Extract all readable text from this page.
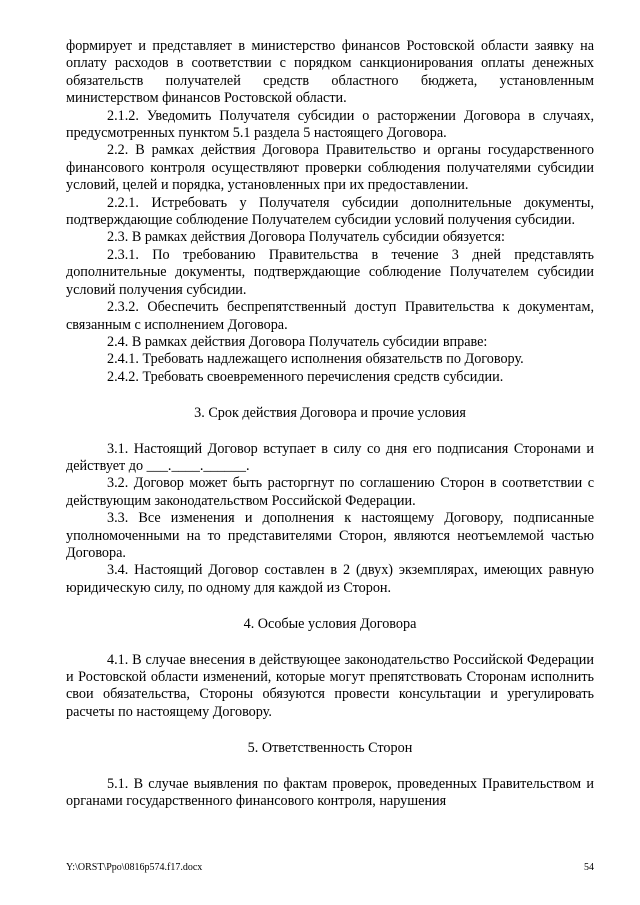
формирует и представляет в министерство финансов Ростовской области заявку на оплату расходов в соответствии с порядком санкционирования оплаты денежных обязательств получателей средств областного бюджета, установленным министерством финансов Ростовской области.

2.1.2. Уведомить Получателя субсидии о расторжении Договора в случаях, предусмотренных пунктом 5.1 раздела 5 настоящего Договора.

2.2. В рамках действия Договора Правительство и органы государственного финансового контроля осуществляют проверки соблюдения получателями субсидии условий, целей и порядка, установленных при их предоставлении.

2.2.1. Истребовать у Получателя субсидии дополнительные документы, подтверждающие соблюдение Получателем субсидии условий получения субсидии.

2.3. В рамках действия Договора Получатель субсидии обязуется:

2.3.1. По требованию Правительства в течение 3 дней представлять дополнительные документы, подтверждающие соблюдение Получателем субсидии условий получения субсидии.

2.3.2. Обеспечить беспрепятственный доступ Правительства к документам, связанным с исполнением Договора.

2.4. В рамках действия Договора Получатель субсидии вправе:

2.4.1. Требовать надлежащего исполнения обязательств по Договору.

2.4.2. Требовать своевременного перечисления средств субсидии.

3. Срок действия Договора и прочие условия

3.1. Настоящий Договор вступает в силу со дня его подписания Сторонами и действует до ___.____.______.

3.2. Договор может быть расторгнут по соглашению Сторон в соответствии с действующим законодательством Российской Федерации.

3.3. Все изменения и дополнения к настоящему Договору, подписанные уполномоченными на то представителями Сторон, являются неотъемлемой частью Договора.

3.4. Настоящий Договор составлен в 2 (двух) экземплярах, имеющих равную юридическую силу, по одному для каждой из Сторон.

4. Особые условия Договора

4.1. В случае внесения в действующее законодательство Российской Федерации и Ростовской области изменений, которые могут препятствовать Сторонам исполнить свои обязательства, Стороны обязуются провести консультации и урегулировать расчеты по настоящему Договору.

5. Ответственность Сторон

5.1. В случае выявления по фактам проверок, проведенных Правительством и органами государственного финансового контроля, нарушения

Y:\ORST\Ppo\0816p574.f17.docx	54
